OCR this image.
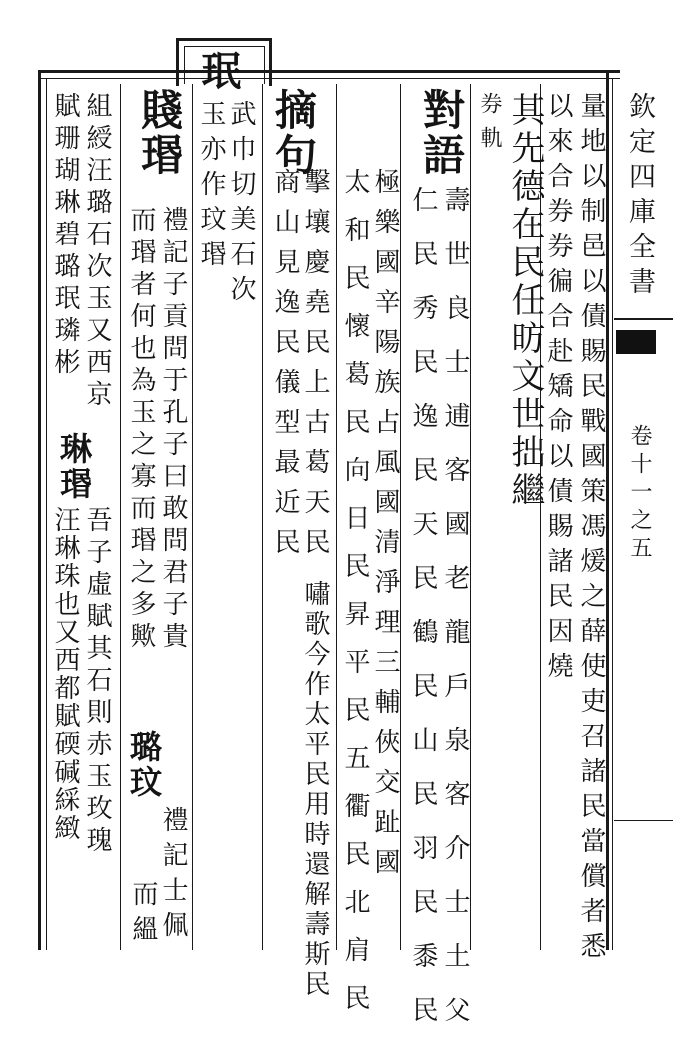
珉
欽定四庫全書
卷十一之五
量地以制邑以債賜民戰國策馮煖之薛使吏召諸民當償者悉
以來合券券徧合赴矯命以債賜諸民因燒
其先德在民任昉文世拙繼
券軌
對語
壽世良士逋客國老龍戶泉客介士土父
仁民秀民逸民天民鶴民山民羽民黍民
極樂國辛陽族占風國清淨理三輔俠交趾國
太和民懷葛民向日民昇平民五衢民北肩民
摘句
擊壤慶堯民上古葛天民
商山見逸民儀型最近民
嘯歌今作太平民用時還解壽斯民
武巾切美石次
玉亦作玟瑉
賤瑉
禮記子貢問于孔子曰敢問君子貴
而瑉者何也為玉之寡而瑉之多歟
璐玟
禮記士佩
而縕
組綬汪璐石次玉又西京
賦珊瑚琳碧璐珉璘彬
琳瑉
吾子虛賦其石則赤玉玫瑰
汪琳珠也又西都賦碝碱綵緻
